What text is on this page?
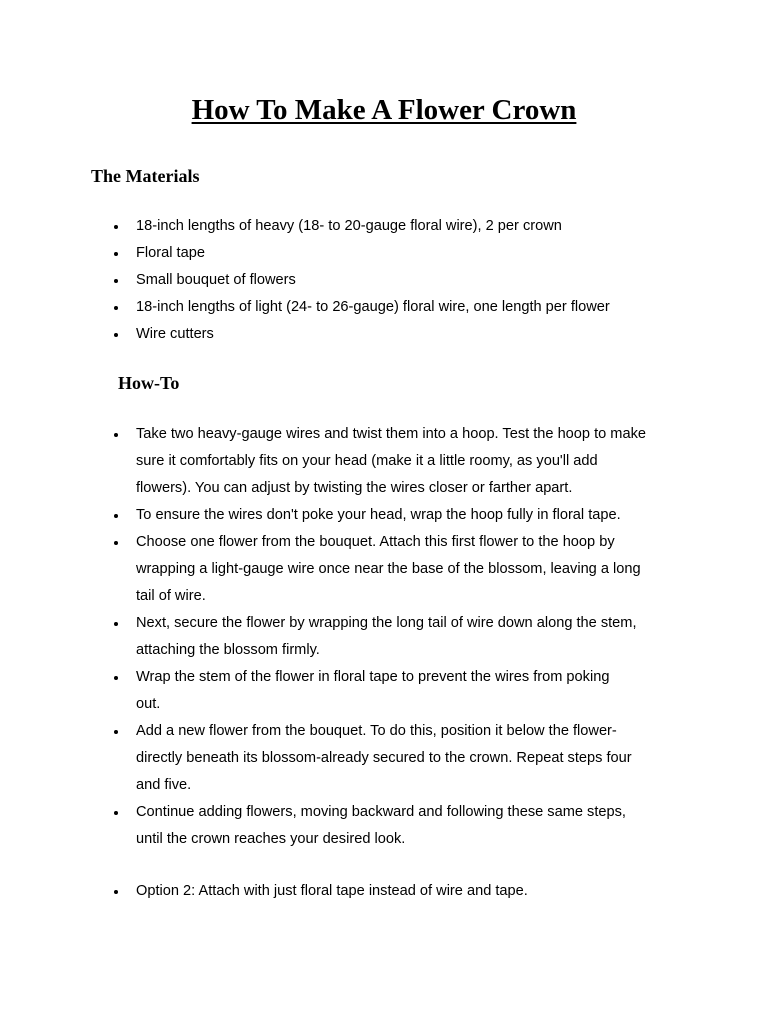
How To Make A Flower Crown
The Materials
18-inch lengths of heavy (18- to 20-gauge floral wire), 2 per crown
Floral tape
Small bouquet of flowers
18-inch lengths of light (24- to 26-gauge) floral wire, one length per flower
Wire cutters
How-To
Take two heavy-gauge wires and twist them into a hoop. Test the hoop to make
sure it comfortably fits on your head (make it a little roomy, as you'll add
flowers). You can adjust by twisting the wires closer or farther apart.
To ensure the wires don't poke your head, wrap the hoop fully in floral tape.
Choose one flower from the bouquet. Attach this first flower to the hoop by
wrapping a light-gauge wire once near the base of the blossom, leaving a long
tail of wire.
Next, secure the flower by wrapping the long tail of wire down along the stem,
attaching the blossom firmly.
Wrap the stem of the flower in floral tape to prevent the wires from poking
out.
Add a new flower from the bouquet. To do this, position it below the flower-
directly beneath its blossom-already secured to the crown. Repeat steps four
and five.
Continue adding flowers, moving backward and following these same steps,
until the crown reaches your desired look.
Option 2: Attach with just floral tape instead of wire and tape.
